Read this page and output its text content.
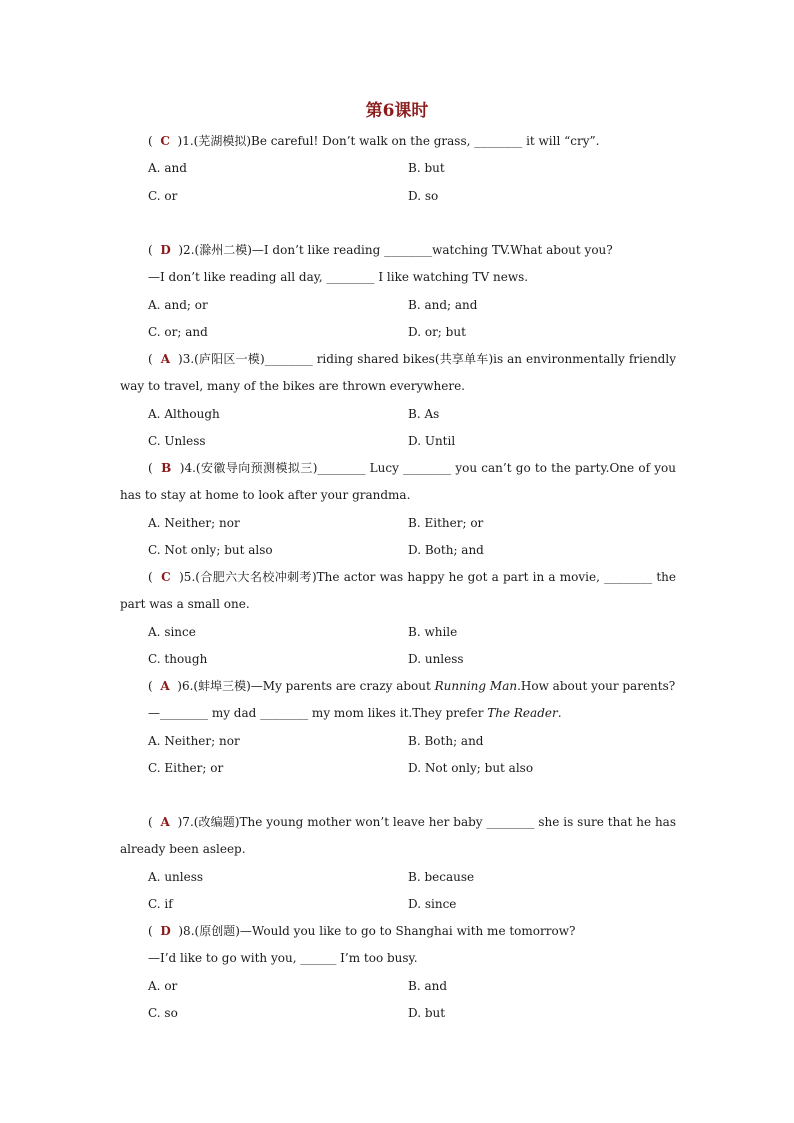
第6课时
( C )1.(芜湖模拟)Be careful! Don’t walk on the grass, ________ it will “cry”.
A. and	B. but
C. or	D. so
( D )2.(滁州二模)—I don’t like reading ________watching TV.What about you?
—I don’t like reading all day, ________ I like watching TV news.
A. and; or	B. and; and
C. or; and	D. or; but
( A )3.(庐阳区一模)________ riding shared bikes(共享单车)is an environmentally friendly way to travel, many of the bikes are thrown everywhere.
A. Although	B. As
C. Unless	D. Until
( B )4.(安徽导向预测模拟三)________ Lucy ________ you can’t go to the party.One of you has to stay at home to look after your grandma.
A. Neither; nor	B. Either; or
C. Not only; but also	D. Both; and
( C )5.(合肥六大名校冲刺考)The actor was happy he got a part in a movie, ________ the part was a small one.
A. since	B. while
C. though	D. unless
( A )6.(蚌埠三模)—My parents are crazy about Running Man.How about your parents?
—________ my dad ________ my mom likes it.They prefer The Reader.
A. Neither; nor	B. Both; and
C. Either; or	D. Not only; but also
( A )7.(改编题)The young mother won’t leave her baby ________ she is sure that he has already been asleep.
A. unless	B. because
C. if	D. since
( D )8.(原创题)—Would you like to go to Shanghai with me tomorrow?
—I’d like to go with you, ______ I’m too busy.
A. or	B. and
C. so	D. but
